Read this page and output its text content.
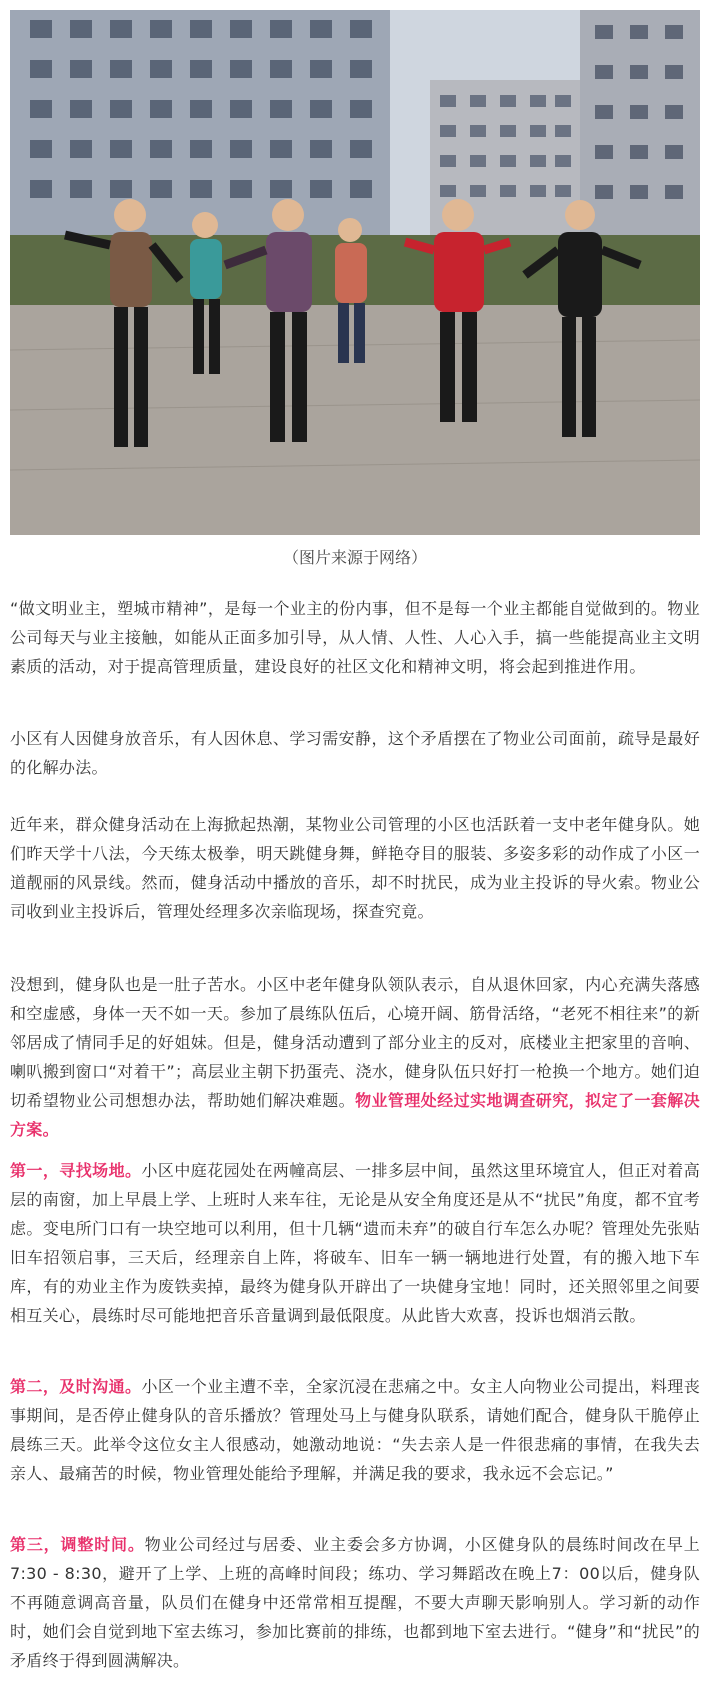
（图片来源于网络）

“做文明业主，塑城市精神”，是每一个业主的份内事，但不是每一个业主都能自觉做到的。物业公司每天与业主接触，如能从正面多加引导，从人情、人性、人心入手，搞一些能提高业主文明素质的活动，对于提高管理质量，建设良好的社区文化和精神文明，将会起到推进作用。

小区有人因健身放音乐，有人因休息、学习需安静，这个矛盾摆在了物业公司面前，疏导是最好的化解办法。

近年来，群众健身活动在上海掀起热潮，某物业公司管理的小区也活跃着一支中老年健身队。她们昨天学十八法，今天练太极拳，明天跳健身舞，鲜艳夺目的服装、多姿多彩的动作成了小区一道靓丽的风景线。然而，健身活动中播放的音乐，却不时扰民，成为业主投诉的导火索。物业公司收到业主投诉后，管理处经理多次亲临现场，探查究竟。

没想到，健身队也是一肚子苦水。小区中老年健身队领队表示，自从退休回家，内心充满失落感和空虚感，身体一天不如一天。参加了晨练队伍后，心境开阔、筋骨活络，“老死不相往来”的新邻居成了情同手足的好姐妹。但是，健身活动遭到了部分业主的反对，底楼业主把家里的音响、喇叭搬到窗口“对着干”；高层业主朝下扔蛋壳、浇水，健身队伍只好打一枪换一个地方。她们迫切希望物业公司想想办法，帮助她们解决难题。物业管理处经过实地调查研究，拟定了一套解决方案。

第一，寻找场地。小区中庭花园处在两幢高层、一排多层中间，虽然这里环境宜人，但正对着高层的南窗，加上早晨上学、上班时人来车往，无论是从安全角度还是从不“扰民”角度，都不宜考虑。变电所门口有一块空地可以利用，但十几辆“遗而未弃”的破自行车怎么办呢？管理处先张贴旧车招领启事，三天后，经理亲自上阵，将破车、旧车一辆一辆地进行处置，有的搬入地下车库，有的劝业主作为废铁卖掉，最终为健身队开辟出了一块健身宝地！同时，还关照邻里之间要相互关心，晨练时尽可能地把音乐音量调到最低限度。从此皆大欢喜，投诉也烟消云散。

第二，及时沟通。小区一个业主遭不幸，全家沉浸在悲痛之中。女主人向物业公司提出，料理丧事期间，是否停止健身队的音乐播放？管理处马上与健身队联系，请她们配合，健身队干脆停止晨练三天。此举令这位女主人很感动，她激动地说：“失去亲人是一件很悲痛的事情，在我失去亲人、最痛苦的时候，物业管理处能给予理解，并满足我的要求，我永远不会忘记。”

第三，调整时间。物业公司经过与居委、业主委会多方协调，小区健身队的晨练时间改在早上7:30 - 8:30，避开了上学、上班的高峰时间段；练功、学习舞蹈改在晚上7：00以后，健身队不再随意调高音量，队员们在健身中还常常相互提醒，不要大声聊天影响别人。学习新的动作时，她们会自觉到地下室去练习，参加比赛前的排练，也都到地下室去进行。“健身”和“扰民”的矛盾终于得到圆满解决。
